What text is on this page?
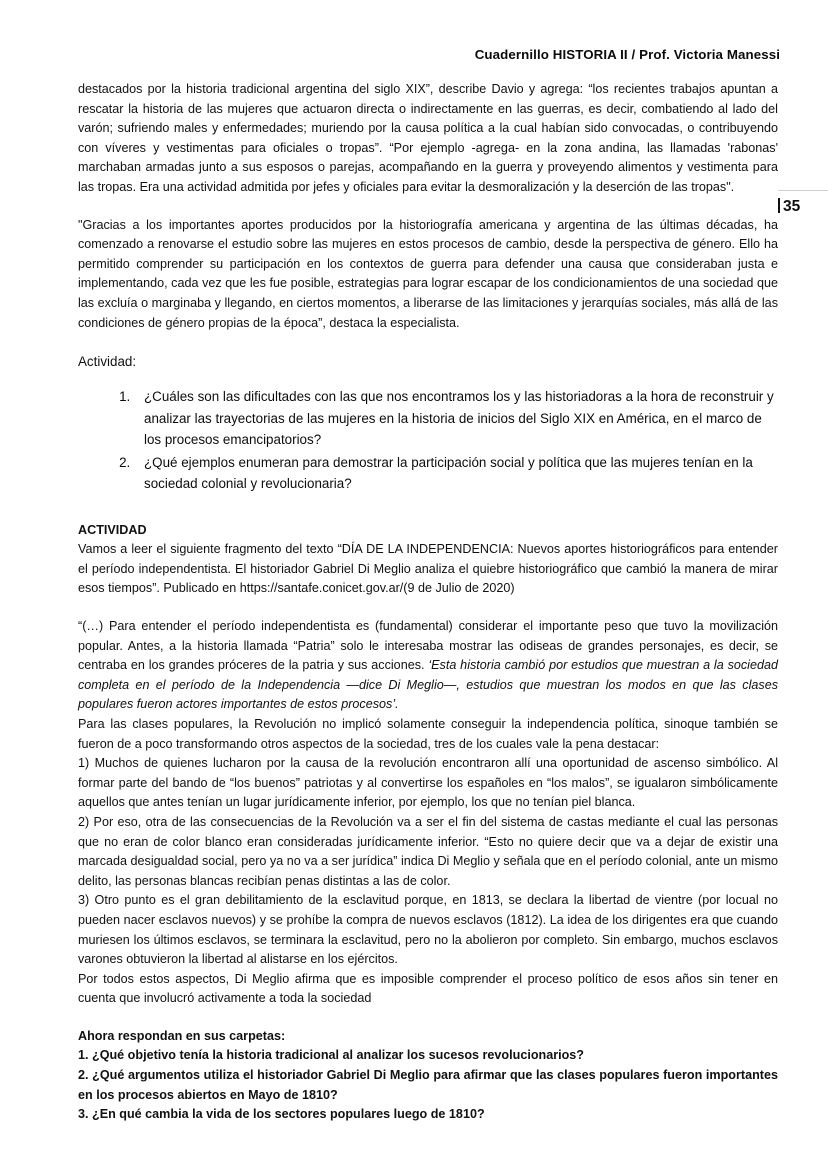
Cuadernillo HISTORIA II / Prof. Victoria Manessi
35

destacados por la historia tradicional argentina del siglo XIX”, describe Davio y agrega: “los recientes trabajos apuntan a rescatar la historia de las mujeres que actuaron directa o indirectamente en las guerras, es decir, combatiendo al lado del varón; sufriendo males y enfermedades; muriendo por la causa política a la cual habían sido convocadas, o contribuyendo con víveres y vestimentas para oficiales o tropas”. “Por ejemplo -agrega- en la zona andina, las llamadas 'rabonas' marchaban armadas junto a sus esposos o parejas, acompañando en la guerra y proveyendo alimentos y vestimenta para las tropas. Era una actividad admitida por jefes y oficiales para evitar la desmoralización y la deserción de las tropas".

"Gracias a los importantes aportes producidos por la historiografía americana y argentina de las últimas décadas, ha comenzado a renovarse el estudio sobre las mujeres en estos procesos de cambio, desde la perspectiva de género. Ello ha permitido comprender su participación en los contextos de guerra para defender una causa que consideraban justa e implementando, cada vez que les fue posible, estrategias para lograr escapar de los condicionamientos de una sociedad que las excluía o marginaba y llegando, en ciertos momentos, a liberarse de las limitaciones y jerarquías sociales, más allá de las condiciones de género propias de la época”, destaca la especialista.

Actividad:

1. ¿Cuáles son las dificultades con las que nos encontramos los y las historiadoras a la hora de reconstruir y analizar las trayectorias de las mujeres en la historia de inicios del Siglo XIX en América, en el marco de los procesos emancipatorios?
2. ¿Qué ejemplos enumeran para demostrar la participación social y política que las mujeres tenían en la sociedad colonial y revolucionaria?

ACTIVIDAD

Vamos a leer el siguiente fragmento del texto “DÍA DE LA INDEPENDENCIA: Nuevos aportes historiográficos para entender el período independentista. El historiador Gabriel Di Meglio analiza el quiebre historiográfico que cambió la manera de mirar esos tiempos”. Publicado en https://santafe.conicet.gov.ar/(9 de Julio de 2020)

“(…) Para entender el período independentista es (fundamental) considerar el importante peso que tuvo la movilización popular. Antes, a la historia llamada “Patria” solo le interesaba mostrar las odiseas de grandes personajes, es decir, se centraba en los grandes próceres de la patria y sus acciones. ‘Esta historia cambió por estudios que muestran a la sociedad completa en el período de la Independencia —dice Di Meglio—, estudios que muestran los modos en que las clases populares fueron actores importantes de estos procesos’.

Para las clases populares, la Revolución no implicó solamente conseguir la independencia política, sinoque también se fueron de a poco transformando otros aspectos de la sociedad, tres de los cuales vale la pena destacar:

1) Muchos de quienes lucharon por la causa de la revolución encontraron allí una oportunidad de ascenso simbólico. Al formar parte del bando de “los buenos” patriotas y al convertirse los españoles en “los malos”, se igualaron simbólicamente aquellos que antes tenían un lugar jurídicamente inferior, por ejemplo, los que no tenían piel blanca.

2) Por eso, otra de las consecuencias de la Revolución va a ser el fin del sistema de castas mediante el cual las personas que no eran de color blanco eran consideradas jurídicamente inferior. “Esto no quiere decir que va a dejar de existir una marcada desigualdad social, pero ya no va a ser jurídica” indica Di Meglio y señala que en el período colonial, ante un mismo delito, las personas blancas recibían penas distintas a las de color.

3) Otro punto es el gran debilitamiento de la esclavitud porque, en 1813, se declara la libertad de vientre (por locual no pueden nacer esclavos nuevos) y se prohíbe la compra de nuevos esclavos (1812). La idea de los dirigentes era que cuando muriesen los últimos esclavos, se terminara la esclavitud, pero no la abolieron por completo. Sin embargo, muchos esclavos varones obtuvieron la libertad al alistarse en los ejércitos.

Por todos estos aspectos, Di Meglio afirma que es imposible comprender el proceso político de esos años sin tener en cuenta que involucró activamente a toda la sociedad

Ahora respondan en sus carpetas:

1. ¿Qué objetivo tenía la historia tradicional al analizar los sucesos revolucionarios?

2. ¿Qué argumentos utiliza el historiador Gabriel Di Meglio para afirmar que las clases populares fueron importantes en los procesos abiertos en Mayo de 1810?

3. ¿En qué cambia la vida de los sectores populares luego de 1810?
